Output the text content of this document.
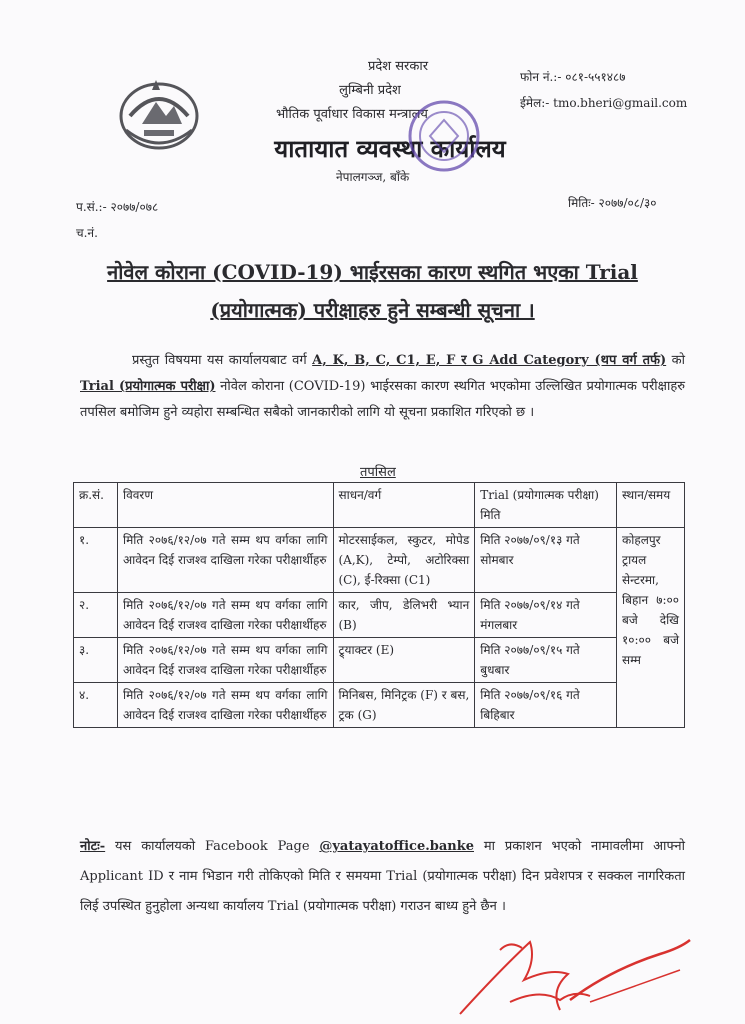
प्रदेश सरकार
लुम्बिनी प्रदेश
भौतिक पूर्वाधार विकास मन्त्रालय
यातायात व्यवस्था कार्यालय
नेपालगञ्ज, बाँके
फोन नं.:- ०८१-५५१४८७
ईमेल:- tmo.bheri@gmail.com
प.सं.:- २०७७/०७८
च.नं.
मितिः- २०७७/०८/३०
नोवेल कोराना (COVID-19) भाईरसका कारण स्थगित भएका Trial
(प्रयोगात्मक) परीक्षाहरु हुने सम्बन्धी सूचना ।
प्रस्तुत विषयमा यस कार्यालयबाट वर्ग A, K, B, C, C1, E, F र G Add Category (थप वर्ग तर्फ) को Trial (प्रयोगात्मक परीक्षा) नोवेल कोराना (COVID-19) भाईरसका कारण स्थगित भएकोमा उल्लिखित प्रयोगात्मक परीक्षाहरु तपसिल बमोजिम हुने व्यहोरा सम्बन्धित सबैको जानकारीको लागि यो सूचना प्रकाशित गरिएको छ ।
तपसिल
क्र.सं.	विवरण	साधन/वर्ग	Trial (प्रयोगात्मक परीक्षा) मिति	स्थान/समय
१.	मिति २०७६/१२/०७ गते सम्म थप वर्गका लागि आवेदन दिई राजश्व दाखिला गरेका परीक्षार्थीहरु	मोटरसाईकल, स्कुटर, मोपेड (A,K), टेम्पो, अटोरिक्सा (C), ई-रिक्सा (C1)	मिति २०७७/०९/१३ गते सोमबार	कोहलपुर ट्रायल सेन्टरमा, बिहान ७:०० बजे देखि १०:०० बजे सम्म
२.	मिति २०७६/१२/०७ गते सम्म थप वर्गका लागि आवेदन दिई राजश्व दाखिला गरेका परीक्षार्थीहरु	कार, जीप, डेलिभरी भ्यान (B)	मिति २०७७/०९/१४ गते मंगलबार	
३.	मिति २०७६/१२/०७ गते सम्म थप वर्गका लागि आवेदन दिई राजश्व दाखिला गरेका परीक्षार्थीहरु	ट्र्याक्टर (E)	मिति २०७७/०९/१५ गते बुधबार	
४.	मिति २०७६/१२/०७ गते सम्म थप वर्गका लागि आवेदन दिई राजश्व दाखिला गरेका परीक्षार्थीहरु	मिनिबस, मिनिट्रक (F) र बस, ट्रक (G)	मिति २०७७/०९/१६ गते बिहिबार	
नोटः- यस कार्यालयको Facebook Page @yatayatoffice.banke मा प्रकाशन भएको नामावलीमा आफ्नो Applicant ID र नाम भिडान गरी तोकिएको मिति र समयमा Trial (प्रयोगात्मक परीक्षा) दिन प्रवेशपत्र र सक्कल नागरिकता लिई उपस्थित हुनुहोला अन्यथा कार्यालय Trial (प्रयोगात्मक परीक्षा) गराउन बाध्य हुने छैन ।
